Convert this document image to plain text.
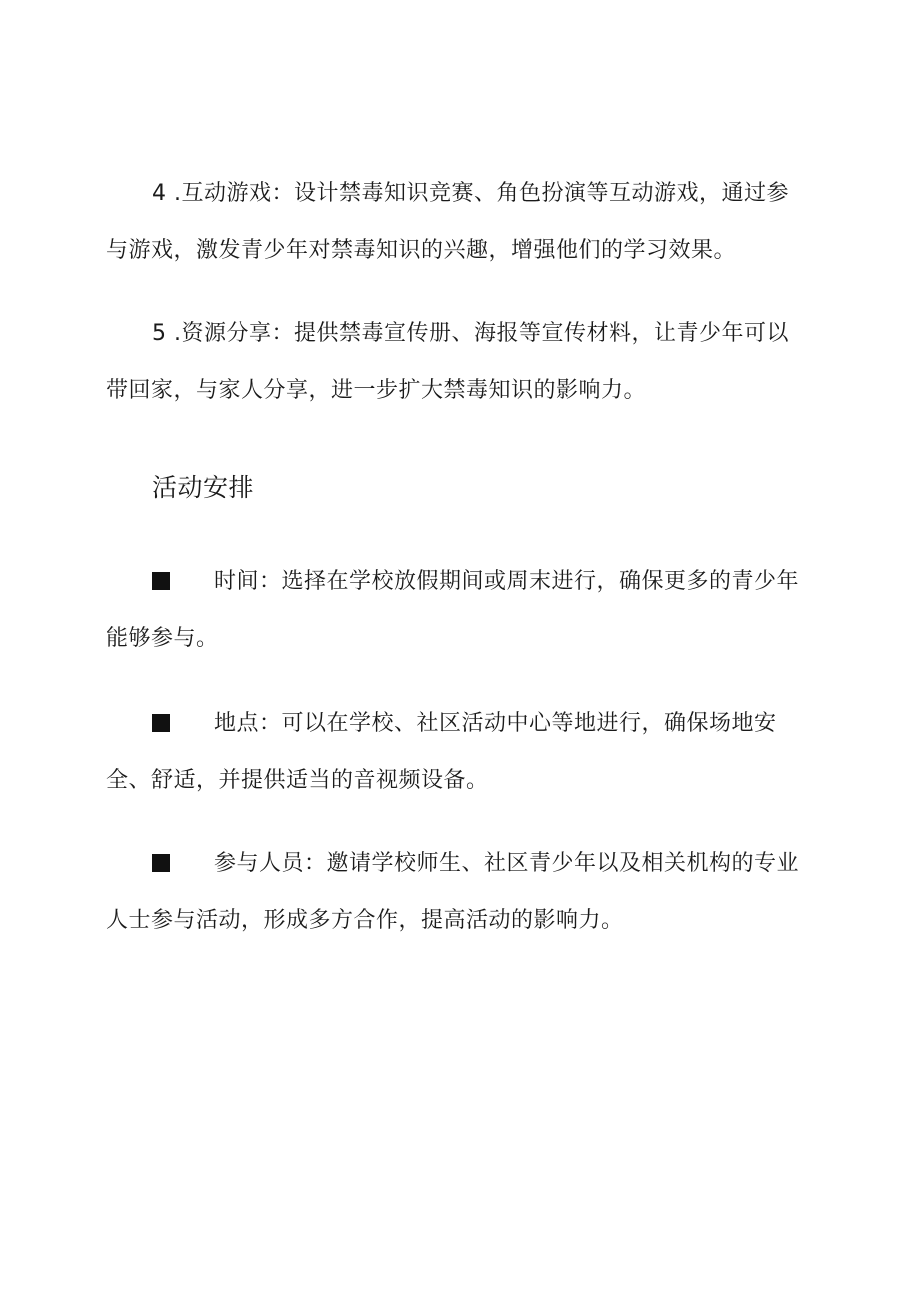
4 .互动游戏：设计禁毒知识竞赛、角色扮演等互动游戏，通过参
与游戏，激发青少年对禁毒知识的兴趣，增强他们的学习效果。

5 .资源分享：提供禁毒宣传册、海报等宣传材料，让青少年可以
带回家，与家人分享，进一步扩大禁毒知识的影响力。

活动安排

时间：选择在学校放假期间或周末进行，确保更多的青少年
能够参与。

地点：可以在学校、社区活动中心等地进行，确保场地安
全、舒适，并提供适当的音视频设备。

参与人员：邀请学校师生、社区青少年以及相关机构的专业
人士参与活动，形成多方合作，提高活动的影响力。
